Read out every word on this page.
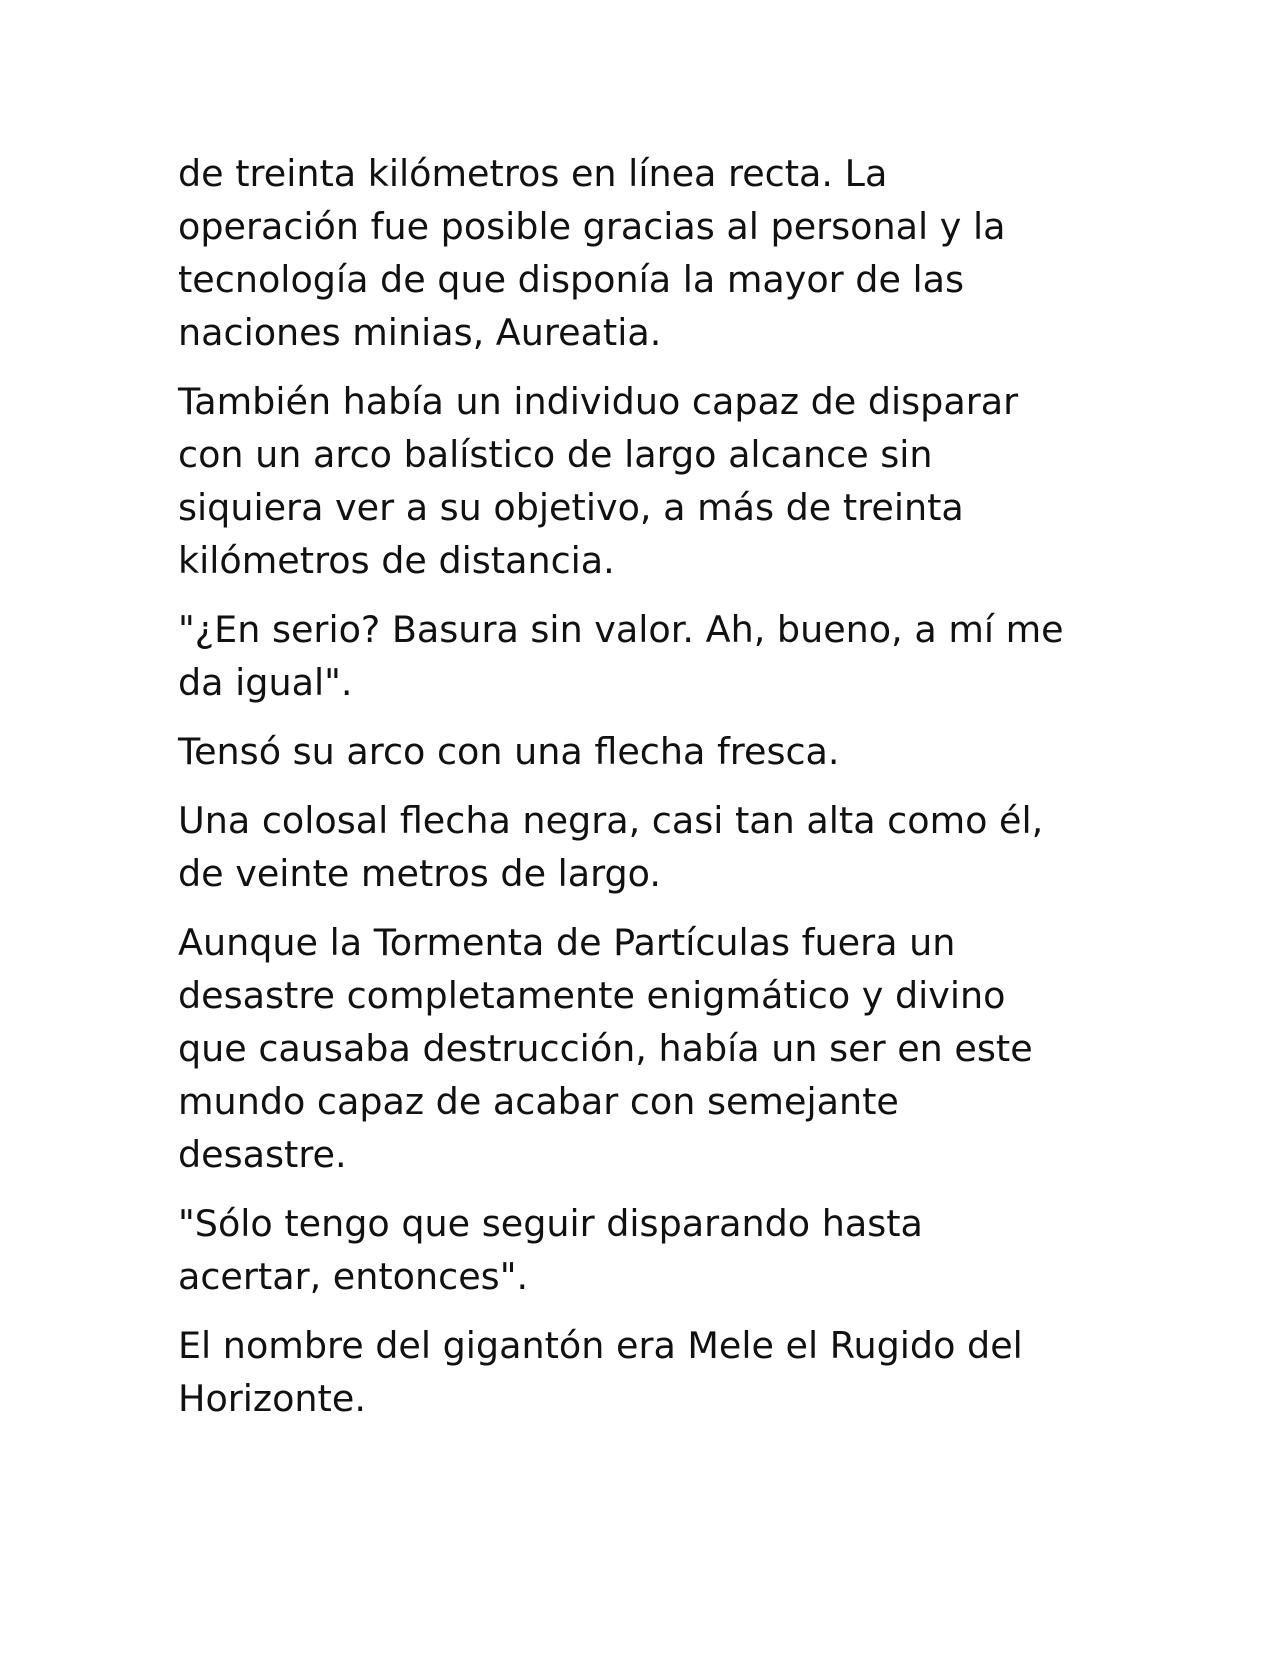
de treinta kilómetros en línea recta. La
operación fue posible gracias al personal y la
tecnología de que disponía la mayor de las
naciones minias, Aureatia.

También había un individuo capaz de disparar
con un arco balístico de largo alcance sin
siquiera ver a su objetivo, a más de treinta
kilómetros de distancia.

"¿En serio? Basura sin valor. Ah, bueno, a mí me
da igual".

Tensó su arco con una flecha fresca.

Una colosal flecha negra, casi tan alta como él,
de veinte metros de largo.

Aunque la Tormenta de Partículas fuera un
desastre completamente enigmático y divino
que causaba destrucción, había un ser en este
mundo capaz de acabar con semejante
desastre.

"Sólo tengo que seguir disparando hasta
acertar, entonces".

El nombre del gigantón era Mele el Rugido del
Horizonte.
